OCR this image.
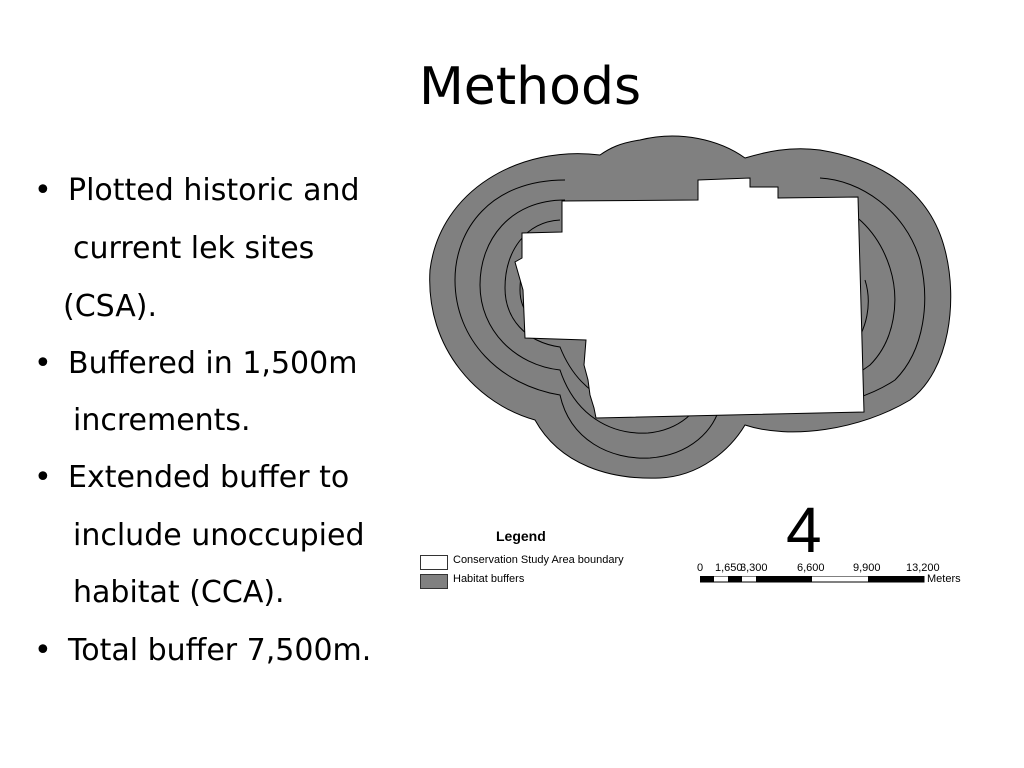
Methods
• Plotted historic and
current lek sites
(CSA).
• Buffered in 1,500m
increments.
• Extended buffer to
include unoccupied
habitat (CCA).
• Total buffer 7,500m.
Legend
Conservation Study Area boundary
Habitat buffers
4
0 1,650
3,300	6,600	9,900 13,200
Meters
